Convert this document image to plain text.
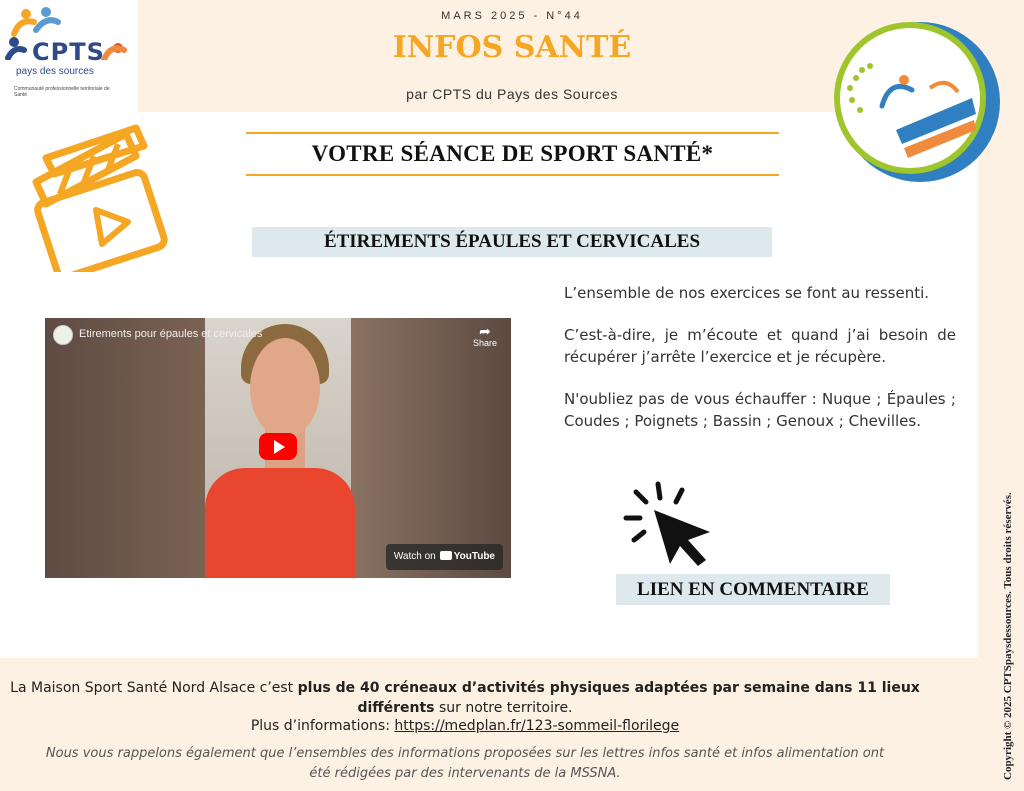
CPTS
pays des sources
Communauté professionnelle territoriale de Santé
MARS 2025 - N°44
INFOS SANTÉ
par CPTS du Pays des Sources
VOTRE SÉANCE DE SPORT SANTÉ*
ÉTIREMENTS ÉPAULES ET CERVICALES
Etirements pour épaules et cervicales	➦
Share
Watch on YouTube

L’ensemble de nos exercices se font au ressenti.

C’est-à-dire, je m’écoute et quand j’ai besoin de récupérer j’arrête l’exercice et je récupère.

N'oubliez pas de vous échauffer : Nuque ; Épaules ; Coudes ; Poignets ; Bassin ; Genoux ; Chevilles.

LIEN EN COMMENTAIRE
La Maison Sport Santé Nord Alsace c’est plus de 40 créneaux d’activités physiques adaptées par semaine dans 11 lieux différents sur notre territoire.
Plus d’informations: https://medplan.fr/123-sommeil-florilege
Nous vous rappelons également que l’ensembles des informations proposées sur les lettres infos santé et infos alimentation ont été rédigées par des intervenants de la MSSNA.	Copyright © 2025 CPTSpaysdessources. Tous droits réservés.
